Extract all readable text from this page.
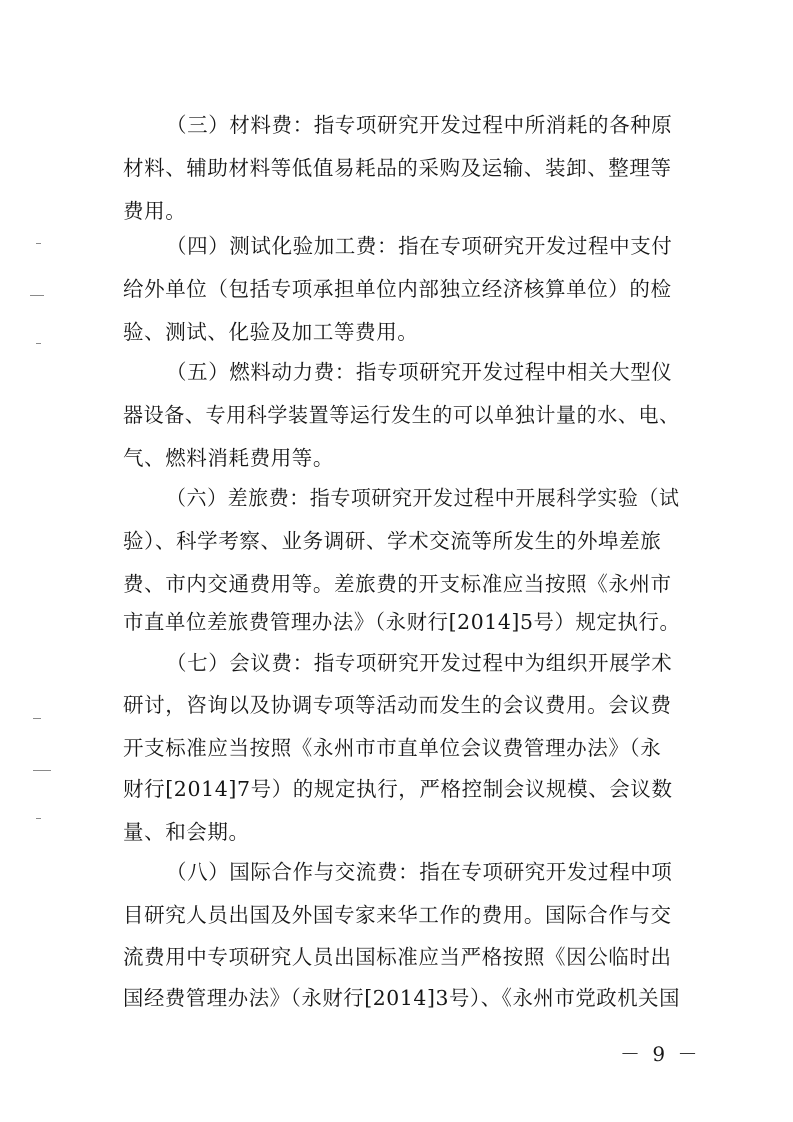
（三）材料费：指专项研究开发过程中所消耗的各种原
材料、辅助材料等低值易耗品的采购及运输、装卸、整理等
费用。
（四）测试化验加工费：指在专项研究开发过程中支付
给外单位（包括专项承担单位内部独立经济核算单位）的检
验、测试、化验及加工等费用。
（五）燃料动力费：指专项研究开发过程中相关大型仪
器设备、专用科学装置等运行发生的可以单独计量的水、电、
气、燃料消耗费用等。
（六）差旅费：指专项研究开发过程中开展科学实验（试
验）、科学考察、业务调研、学术交流等所发生的外埠差旅
费、市内交通费用等。差旅费的开支标准应当按照《永州市
市直单位差旅费管理办法》（永财行[2014]5号）规定执行。
（七）会议费：指专项研究开发过程中为组织开展学术
研讨，咨询以及协调专项等活动而发生的会议费用。会议费
开支标准应当按照《永州市市直单位会议费管理办法》（永
财行[2014]7号）的规定执行，严格控制会议规模、会议数
量、和会期。
（八）国际合作与交流费：指在专项研究开发过程中项
目研究人员出国及外国专家来华工作的费用。国际合作与交
流费用中专项研究人员出国标准应当严格按照《因公临时出
国经费管理办法》（永财行[2014]3号）、《永州市党政机关国
－ 9 －
